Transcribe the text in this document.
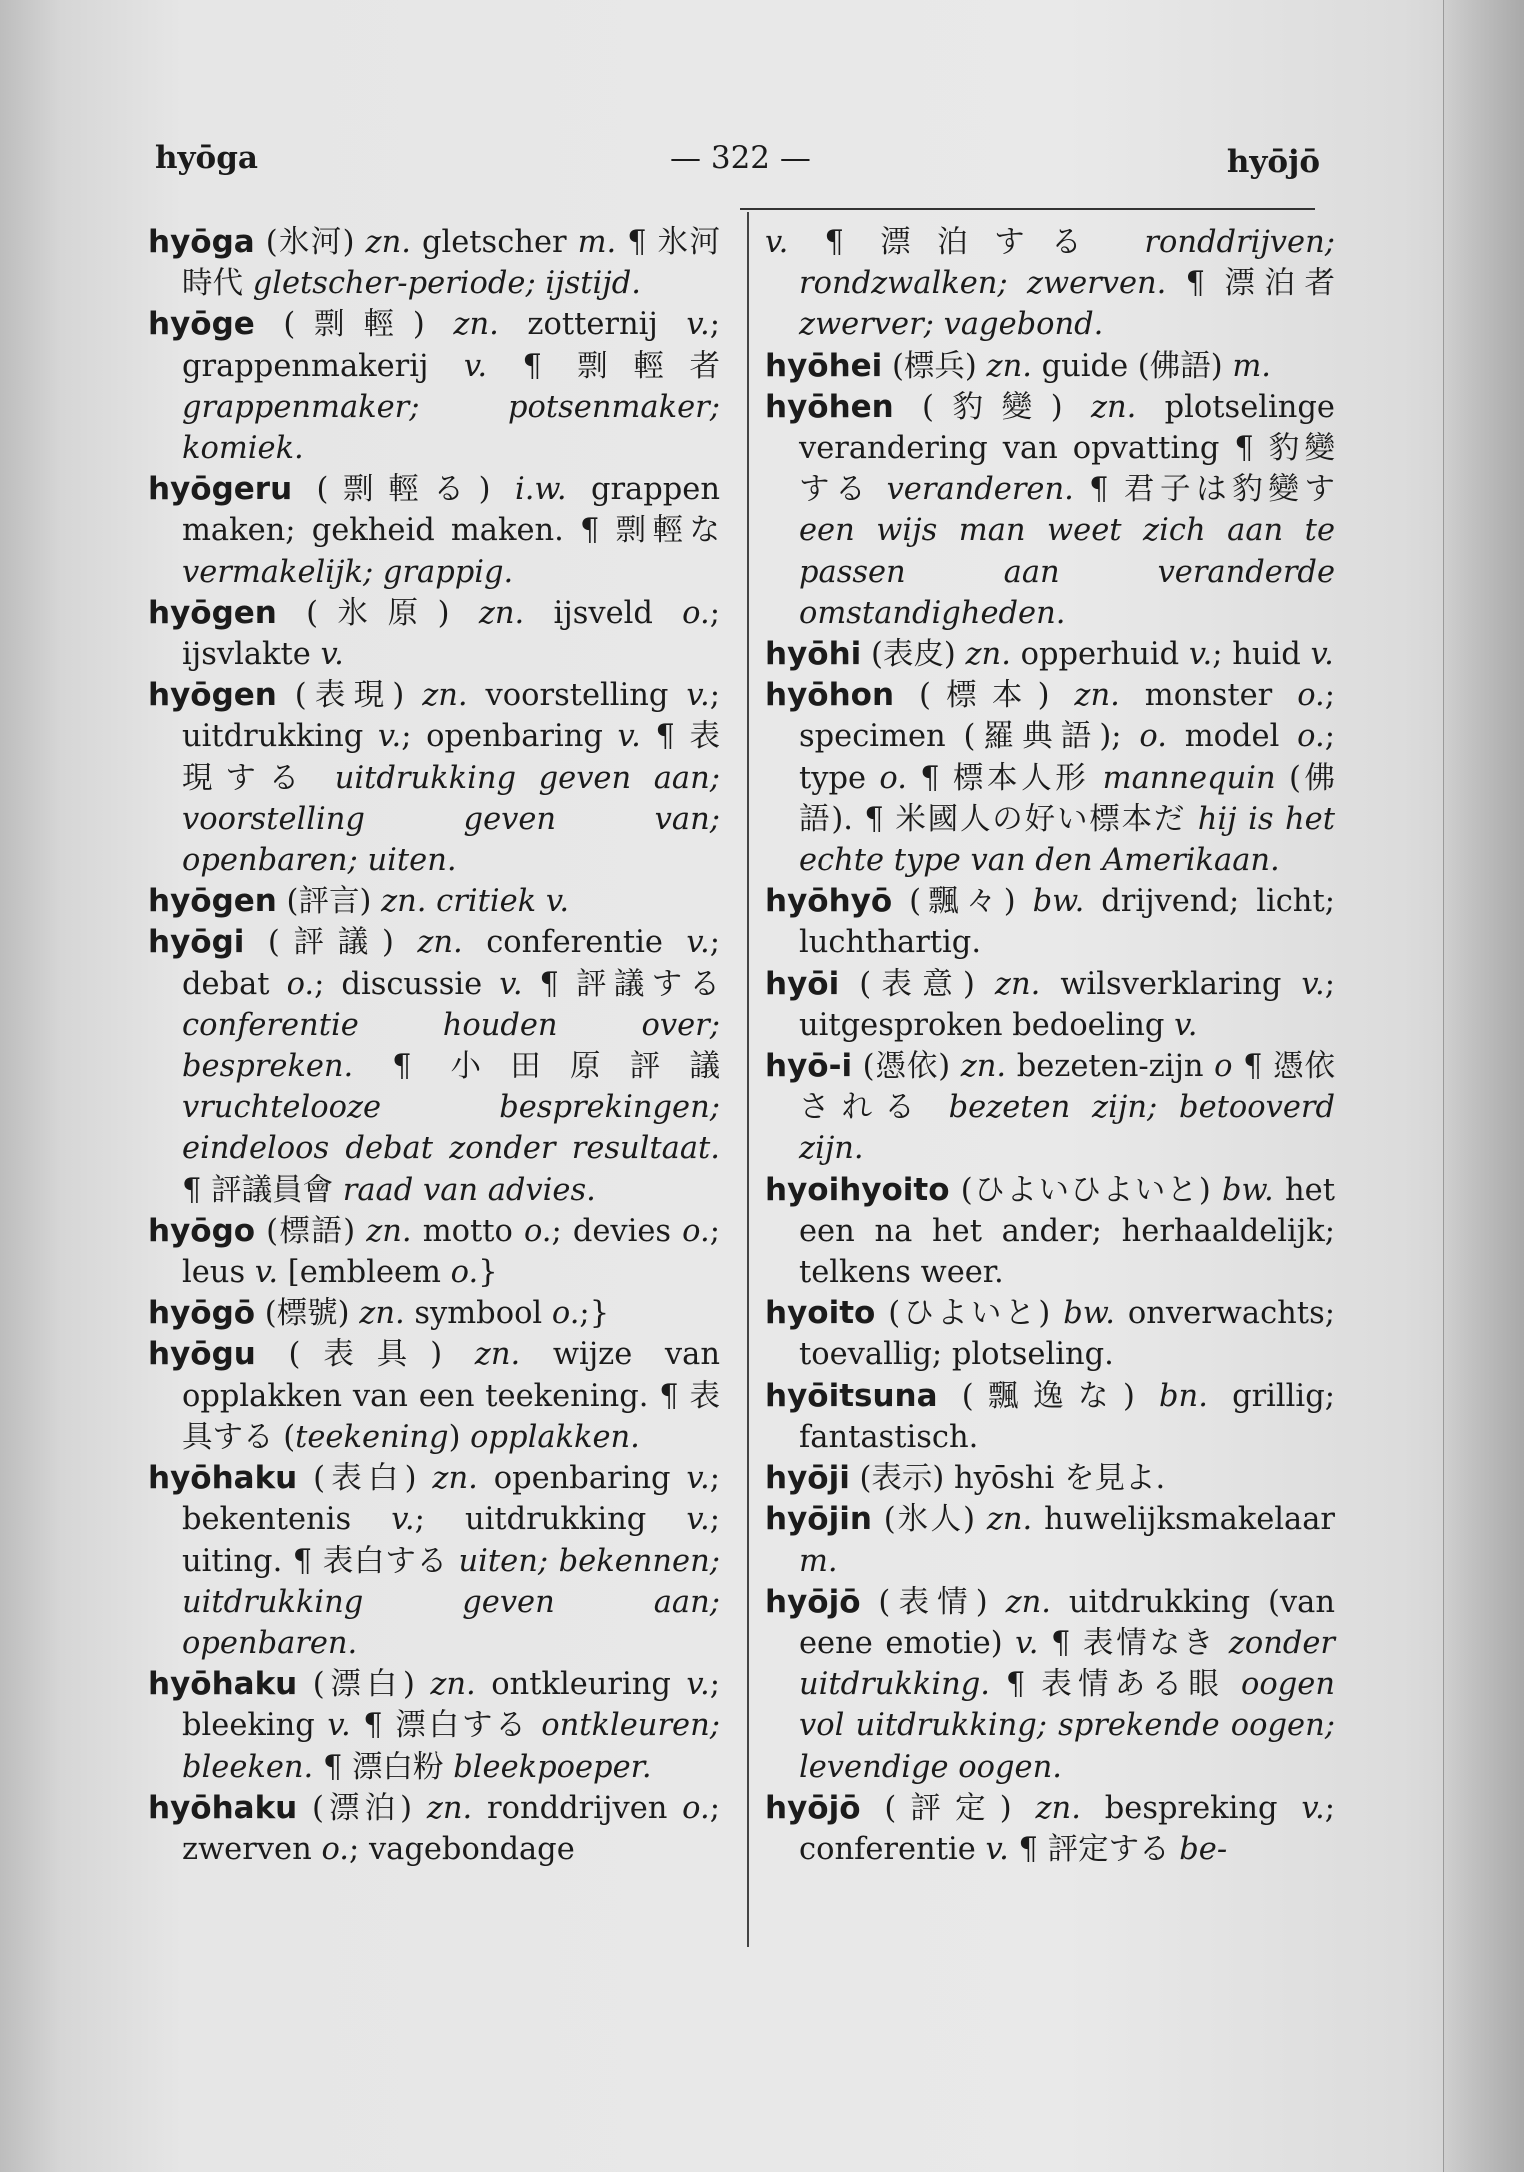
hyōga	— 322 —	hyōjō
hyōga (氷河) zn. gletscher m. ¶ 氷河時代 gletscher-periode; ijstijd.
hyōge (剽輕) zn. zotternij v.; grappenmakerij v. ¶ 剽輕者 grappenmaker; potsenmaker; komiek.
hyōgeru (剽輕る) i.w. grappen maken; gekheid maken. ¶ 剽輕な vermakelijk; grappig.
hyōgen (氷原) zn. ijsveld o.; ijsvlakte v.
hyōgen (表現) zn. voorstelling v.; uitdrukking v.; openbaring v. ¶ 表現する uitdrukking geven aan; voorstelling geven van; openbaren; uiten.
hyōgen (評言) zn. critiek v.
hyōgi (評議) zn. conferentie v.; debat o.; discussie v. ¶ 評議する conferentie houden over; bespreken. ¶ 小田原評議 vruchtelooze besprekingen; eindeloos debat zonder resultaat. ¶ 評議員會 raad van advies.
hyōgo (標語) zn. motto o.; devies o.; leus v. [embleem o.}
hyōgō (標號) zn. symbool o.;}
hyōgu (表具) zn. wijze van opplakken van een teekening. ¶ 表具する (teekening) opplakken.
hyōhaku (表白) zn. openbaring v.; bekentenis v.; uitdrukking v.; uiting. ¶ 表白する uiten; bekennen; uitdrukking geven aan; openbaren.
hyōhaku (漂白) zn. ontkleuring v.; bleeking v. ¶ 漂白する ontkleuren; bleeken. ¶ 漂白粉 bleekpoeper.
hyōhaku (漂泊) zn. ronddrijven o.; zwerven o.; vagebondage
v. ¶ 漂泊する ronddrijven; rondzwalken; zwerven. ¶ 漂泊者 zwerver; vagebond.
hyōhei (標兵) zn. guide (佛語) m.
hyōhen (豹變) zn. plotselinge verandering van opvatting ¶ 豹變する veranderen. ¶ 君子は豹變す een wijs man weet zich aan te passen aan veranderde omstandigheden.
hyōhi (表皮) zn. opperhuid v.; huid v.
hyōhon (標本) zn. monster o.; specimen (羅典語); o. model o.; type o. ¶ 標本人形 mannequin (佛語). ¶ 米國人の好い標本だ hij is het echte type van den Amerikaan.
hyōhyō (飄々) bw. drijvend; licht; luchthartig.
hyōi (表意) zn. wilsverklaring v.; uitgesproken bedoeling v.
hyō-i (憑依) zn. bezeten-zijn o ¶ 憑依される bezeten zijn; betooverd zijn.
hyoihyoito (ひよいひよいと) bw. het een na het ander; herhaaldelijk; telkens weer.
hyoito (ひよいと) bw. onverwachts; toevallig; plotseling.
hyōitsuna (飄逸な) bn. grillig; fantastisch.
hyōji (表示) hyōshi を見よ.
hyōjin (氷人) zn. huwelijksmakelaar m.
hyōjō (表情) zn. uitdrukking (van eene emotie) v. ¶ 表情なき zonder uitdrukking. ¶ 表情ある眼 oogen vol uitdrukking; sprekende oogen; levendige oogen.
hyōjō (評定) zn. bespreking v.; conferentie v. ¶ 評定する be-
